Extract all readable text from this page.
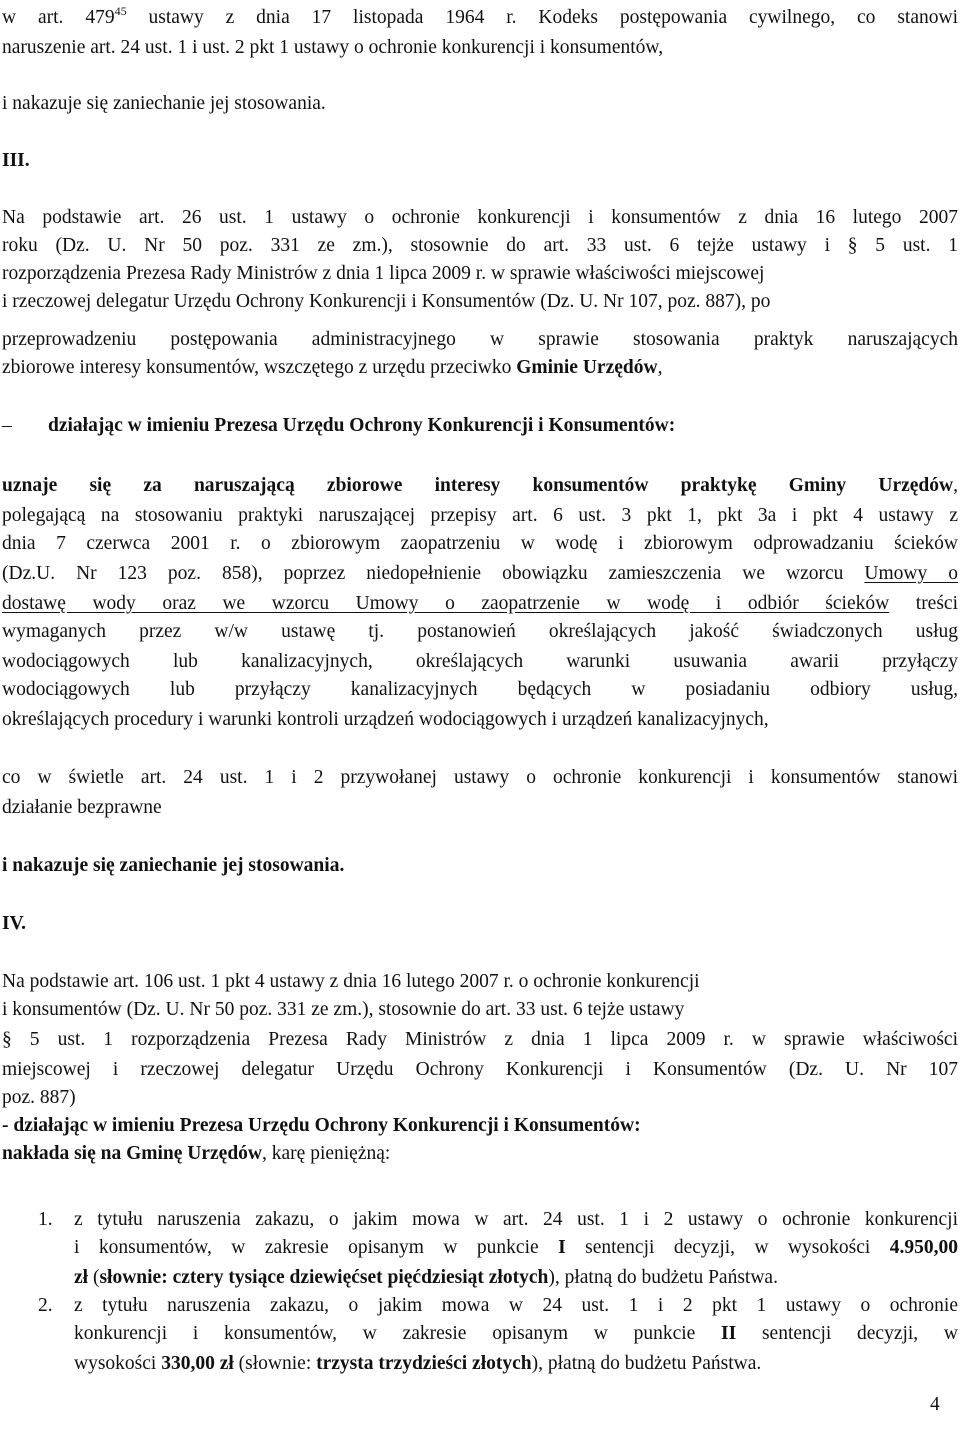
w art. $479^{45}$ ustawy z dnia 17 listopada 1964 r. Kodeks postępowania cywilnego, co stanowi
naruszenie art. 24 ust. 1 i ust. 2 pkt 1 ustawy o ochronie konkurencji i konsumentów,
i nakazuje się zaniechanie jej stosowania.
III.
Na podstawie art. 26 ust. 1 ustawy o ochronie konkurencji i konsumentów z dnia 16 lutego 2007
roku (Dz. U. Nr 50 poz. 331 ze zm.), stosownie do art. 33 ust. 6 tejże ustawy i § 5 ust. 1
rozporządzenia Prezesa Rady Ministrów z dnia 1 lipca 2009 r. w sprawie właściwości miejscowej
i rzeczowej delegatur Urzędu Ochrony Konkurencji i Konsumentów (Dz. U. Nr 107, poz. 887), po
przeprowadzeniu postępowania administracyjnego w sprawie stosowania praktyk naruszających
zbiorowe interesy konsumentów, wszczętego z urzędu przeciwko Gminie Urzędów,
– działając w imieniu Prezesa Urzędu Ochrony Konkurencji i Konsumentów:
uznaje się za naruszającą zbiorowe interesy konsumentów praktykę Gminy Urzędów,
polegającą na stosowaniu praktyki naruszającej przepisy art. 6 ust. 3 pkt 1, pkt 3a i pkt 4 ustawy z
dnia 7 czerwca 2001 r. o zbiorowym zaopatrzeniu w wodę i zbiorowym odprowadzaniu ścieków
(Dz.U. Nr 123 poz. 858), poprzez niedopełnienie obowiązku zamieszczenia we wzorcu Umowy o
dostawę wody oraz we wzorcu Umowy o zaopatrzenie w wodę i odbiór ścieków treści
wymaganych przez w/w ustawę tj. postanowień określających jakość świadczonych usług
wodociągowych lub kanalizacyjnych, określających warunki usuwania awarii przyłączy
wodociągowych lub przyłączy kanalizacyjnych będących w posiadaniu odbiory usług,
określających procedury i warunki kontroli urządzeń wodociągowych i urządzeń kanalizacyjnych,
co w świetle art. 24 ust. 1 i 2 przywołanej ustawy o ochronie konkurencji i konsumentów stanowi
działanie bezprawne
i nakazuje się zaniechanie jej stosowania.
IV.
Na podstawie art. 106 ust. 1 pkt 4 ustawy z dnia 16 lutego 2007 r. o ochronie konkurencji
i konsumentów (Dz. U. Nr 50 poz. 331 ze zm.), stosownie do art. 33 ust. 6 tejże ustawy
§ 5 ust. 1 rozporządzenia Prezesa Rady Ministrów z dnia 1 lipca 2009 r. w sprawie właściwości
miejscowej i rzeczowej delegatur Urzędu Ochrony Konkurencji i Konsumentów (Dz. U. Nr 107
poz. 887)
- działając w imieniu Prezesa Urzędu Ochrony Konkurencji i Konsumentów:
nakłada się na Gminę Urzędów, karę pieniężną:
1. z tytułu naruszenia zakazu, o jakim mowa w art. 24 ust. 1 i 2 ustawy o ochronie konkurencji
i konsumentów, w zakresie opisanym w punkcie I sentencji decyzji, w wysokości 4.950,00
zł (słownie: cztery tysiące dziewięćset pięćdziesiąt złotych), płatną do budżetu Państwa.
2. z tytułu naruszenia zakazu, o jakim mowa w 24 ust. 1 i 2 pkt 1 ustawy o ochronie
konkurencji i konsumentów, w zakresie opisanym w punkcie II sentencji decyzji, w
wysokości 330,00 zł (słownie: trzysta trzydzieści złotych), płatną do budżetu Państwa.
4
